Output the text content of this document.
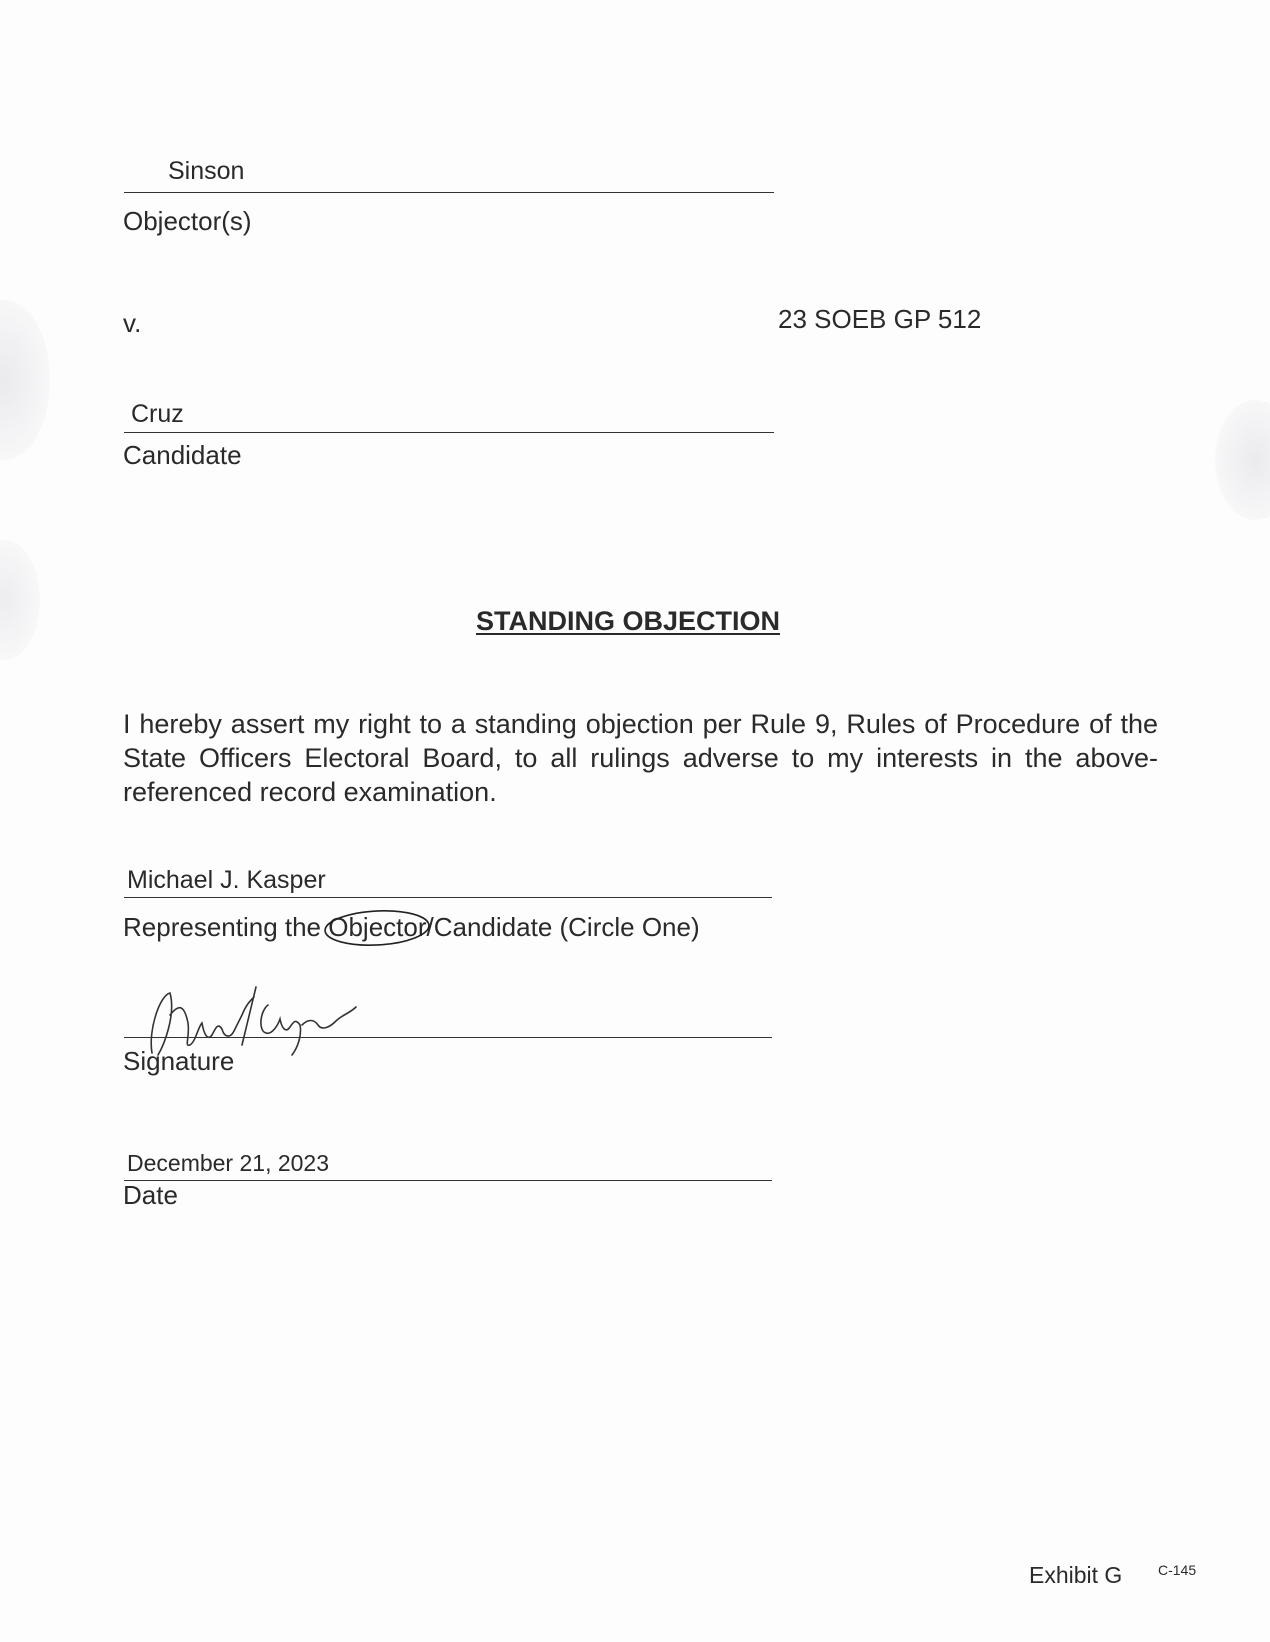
Sinson
Objector(s)
v.	23 SOEB GP 512
Cruz
Candidate
STANDING OBJECTION
I hereby assert my right to a standing objection per Rule 9, Rules of Procedure of the State Officers Electoral Board, to all rulings adverse to my interests in the above-referenced record examination.
Michael J. Kasper
Representing the Objector
/Candidate (Circle One)
Signature
December 21, 2023
Date
Exhibit G	C-145
